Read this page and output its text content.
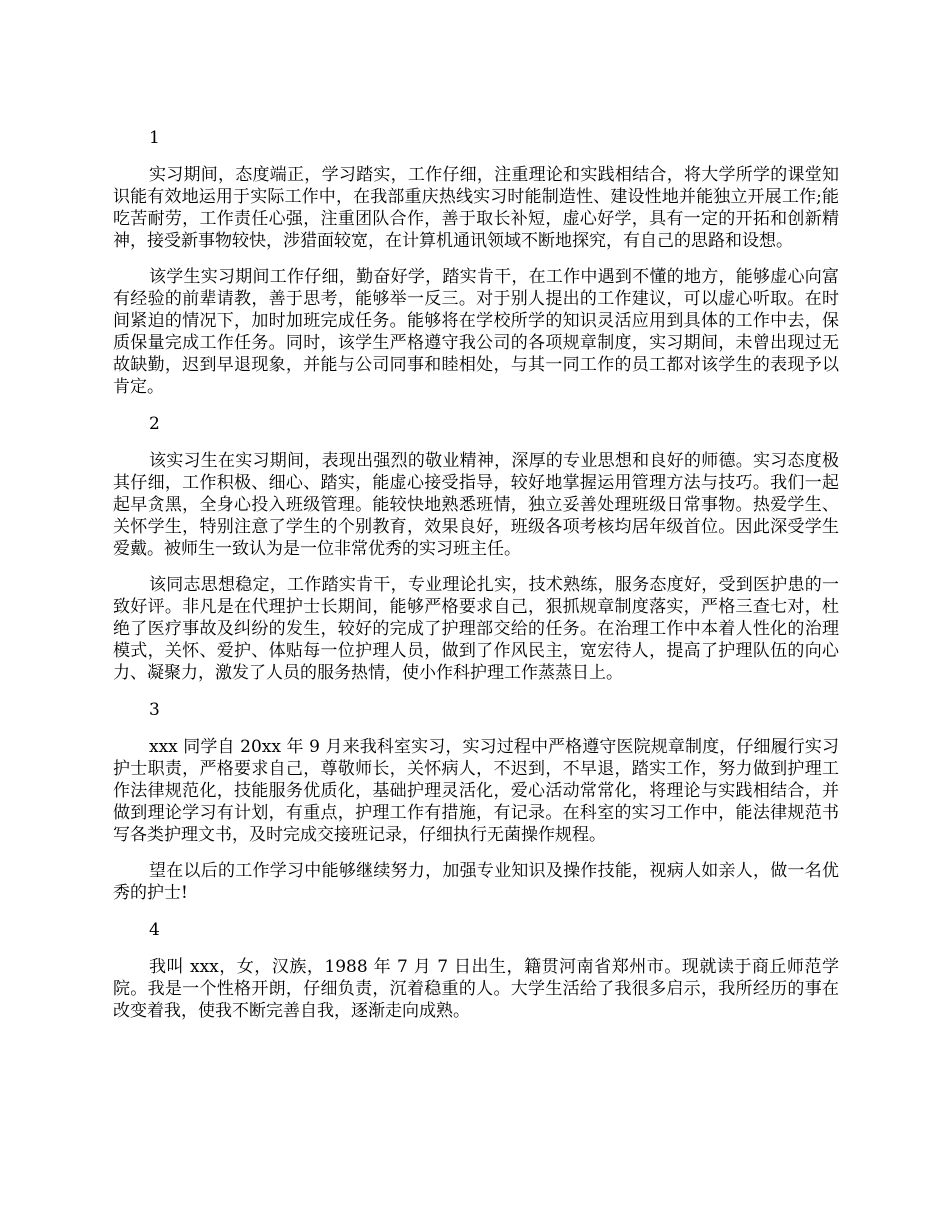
1

实习期间，态度端正，学习踏实，工作仔细，注重理论和实践相结合，将大学所学的课堂知识能有效地运用于实际工作中，在我部重庆热线实习时能制造性、建设性地并能独立开展工作;能吃苦耐劳，工作责任心强，注重团队合作，善于取长补短，虚心好学，具有一定的开拓和创新精神，接受新事物较快，涉猎面较宽，在计算机通讯领域不断地探究，有自己的思路和设想。

该学生实习期间工作仔细，勤奋好学，踏实肯干，在工作中遇到不懂的地方，能够虚心向富有经验的前辈请教，善于思考，能够举一反三。对于别人提出的工作建议，可以虚心听取。在时间紧迫的情况下，加时加班完成任务。能够将在学校所学的知识灵活应用到具体的工作中去，保质保量完成工作任务。同时，该学生严格遵守我公司的各项规章制度，实习期间，未曾出现过无故缺勤，迟到早退现象，并能与公司同事和睦相处，与其一同工作的员工都对该学生的表现予以肯定。

2

该实习生在实习期间，表现出强烈的敬业精神，深厚的专业思想和良好的师德。实习态度极其仔细，工作积极、细心、踏实，能虚心接受指导，较好地掌握运用管理方法与技巧。我们一起起早贪黑，全身心投入班级管理。能较快地熟悉班情，独立妥善处理班级日常事物。热爱学生、关怀学生，特别注意了学生的个别教育，效果良好，班级各项考核均居年级首位。因此深受学生爱戴。被师生一致认为是一位非常优秀的实习班主任。

该同志思想稳定，工作踏实肯干，专业理论扎实，技术熟练，服务态度好，受到医护患的一致好评。非凡是在代理护士长期间，能够严格要求自己，狠抓规章制度落实，严格三查七对，杜绝了医疗事故及纠纷的发生，较好的完成了护理部交给的任务。在治理工作中本着人性化的治理模式，关怀、爱护、体贴每一位护理人员，做到了作风民主，宽宏待人，提高了护理队伍的向心力、凝聚力，激发了人员的服务热情，使小作科护理工作蒸蒸日上。

3

xxx 同学自 20xx 年 9 月来我科室实习，实习过程中严格遵守医院规章制度，仔细履行实习护士职责，严格要求自己，尊敬师长，关怀病人，不迟到，不早退，踏实工作，努力做到护理工作法律规范化，技能服务优质化，基础护理灵活化，爱心活动常常化，将理论与实践相结合，并做到理论学习有计划，有重点，护理工作有措施，有记录。在科室的实习工作中，能法律规范书写各类护理文书，及时完成交接班记录，仔细执行无菌操作规程。

望在以后的工作学习中能够继续努力，加强专业知识及操作技能，视病人如亲人，做一名优秀的护士!

4

我叫 xxx，女，汉族，1988 年 7 月 7 日出生，籍贯河南省郑州市。现就读于商丘师范学院。我是一个性格开朗，仔细负责，沉着稳重的人。大学生活给了我很多启示，我所经历的事在改变着我，使我不断完善自我，逐渐走向成熟。
